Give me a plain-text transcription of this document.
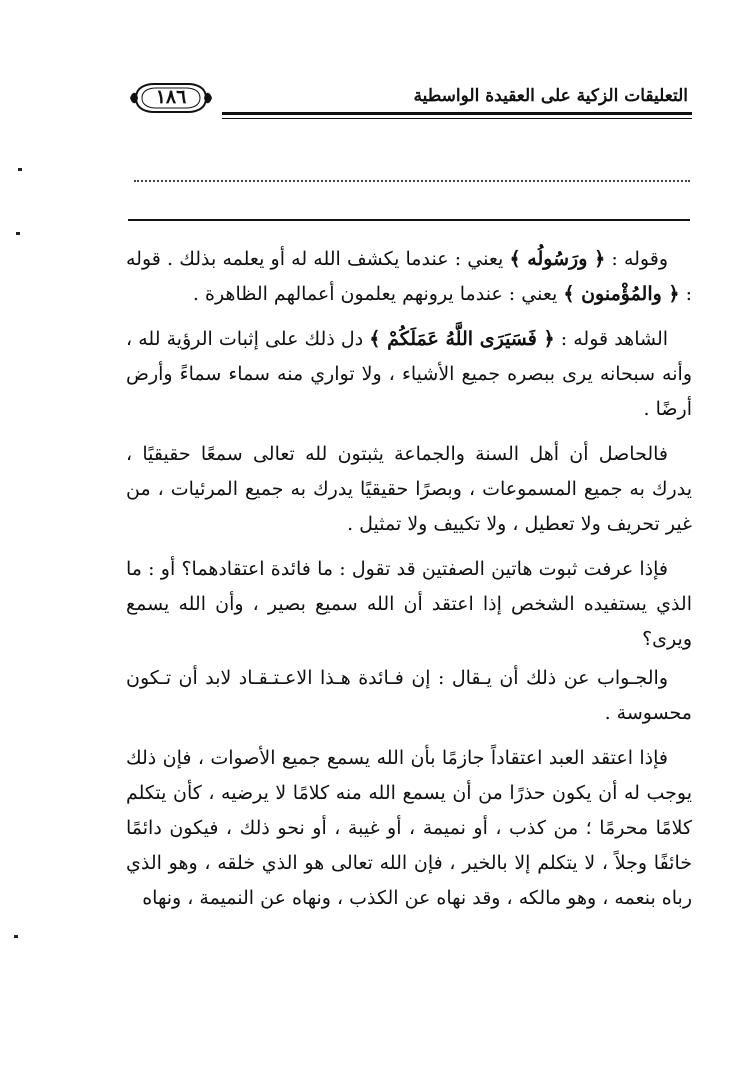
١٨٦	التعليقات الزكية على العقيدة الواسطية

وقوله : ﴿ ورَسُولُه ﴾ يعني : عندما يكشف الله له أو يعلمه بذلك . قوله : ﴿ والمُؤْمنون ﴾ يعني : عندما يرونهم يعلمون أعمالهم الظاهرة .

الشاهد قوله : ﴿ فَسَيَرَى اللَّهُ عَمَلَكُمْ ﴾ دل ذلك على إثبات الرؤية لله ، وأنه سبحانه يرى ببصره جميع الأشياء ، ولا تواري منه سماء سماءً وأرض أرضًا .

فالحاصل أن أهل السنة والجماعة يثبتون لله تعالى سمعًا حقيقيًا ، يدرك به جميع المسموعات ، وبصرًا حقيقيًا يدرك به جميع المرئيات ، من غير تحريف ولا تعطيل ، ولا تكييف ولا تمثيل .

فإذا عرفت ثبوت هاتين الصفتين قد تقول : ما فائدة اعتقادهما؟ أو : ما الذي يستفيده الشخص إذا اعتقد أن الله سميع بصير ، وأن الله يسمع ويرى؟

والجـواب عن ذلك أن يـقال : إن فـائدة هـذا الاعـتـقـاد لابد أن تـكون محسوسة .

فإذا اعتقد العبد اعتقاداً جازمًا بأن الله يسمع جميع الأصوات ، فإن ذلك يوجب له أن يكون حذرًا من أن يسمع الله منه كلامًا لا يرضيه ، كأن يتكلم كلامًا محرمًا ؛ من كذب ، أو نميمة ، أو غيبة ، أو نحو ذلك ، فيكون دائمًا خائفًا وجلاً ، لا يتكلم إلا بالخير ، فإن الله تعالى هو الذي خلقه ، وهو الذي رباه بنعمه ، وهو مالكه ، وقد نهاه عن الكذب ، ونهاه عن النميمة ، ونهاه
